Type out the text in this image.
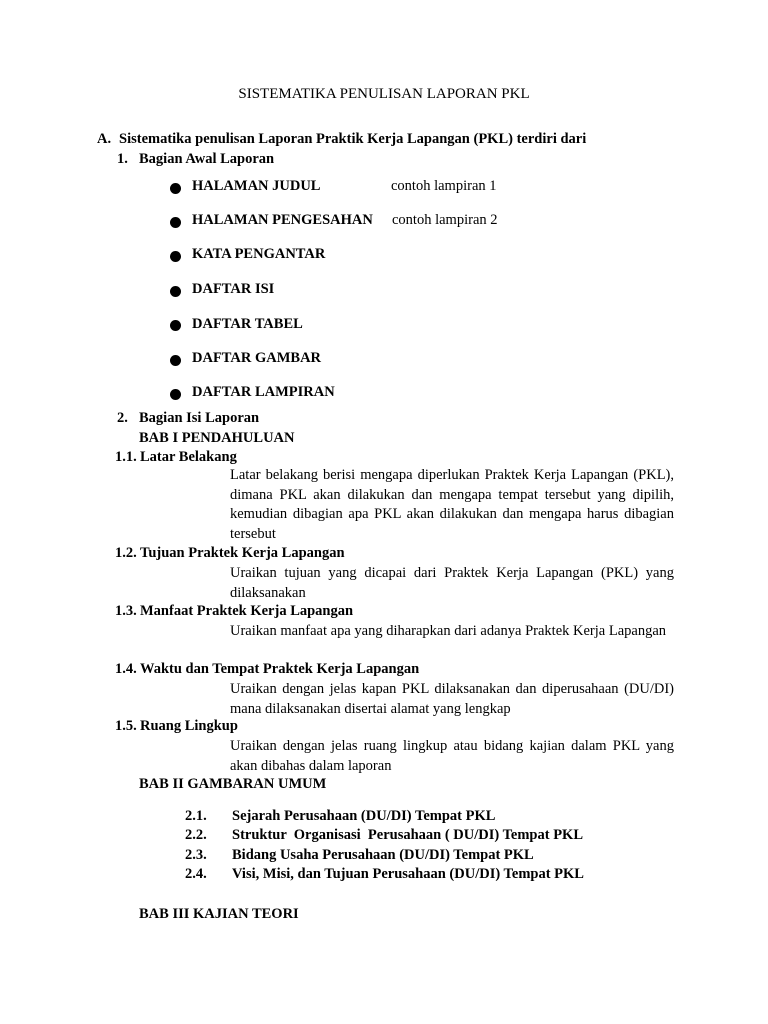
SISTEMATIKA PENULISAN LAPORAN PKL
A. Sistematika penulisan Laporan Praktik Kerja Lapangan (PKL) terdiri dari
1. Bagian Awal Laporan
HALAMAN JUDUL	contoh lampiran 1
HALAMAN PENGESAHAN contoh lampiran 2
KATA PENGANTAR
DAFTAR ISI
DAFTAR TABEL
DAFTAR GAMBAR
DAFTAR LAMPIRAN
2. Bagian Isi Laporan
BAB I PENDAHULUAN
1.1. Latar Belakang
Latar belakang berisi mengapa diperlukan Praktek Kerja Lapangan (PKL), dimana PKL akan dilakukan dan mengapa tempat tersebut yang dipilih, kemudian dibagian apa PKL akan dilakukan dan mengapa harus dibagian tersebut
1.2. Tujuan Praktek Kerja Lapangan
Uraikan tujuan yang dicapai dari Praktek Kerja Lapangan (PKL) yang dilaksanakan
1.3. Manfaat Praktek Kerja Lapangan
Uraikan manfaat apa yang diharapkan dari adanya Praktek Kerja Lapangan
1.4. Waktu dan Tempat Praktek Kerja Lapangan
Uraikan dengan jelas kapan PKL dilaksanakan dan diperusahaan (DU/DI) mana dilaksanakan disertai alamat yang lengkap
1.5. Ruang Lingkup
Uraikan dengan jelas ruang lingkup atau bidang kajian dalam PKL yang akan dibahas dalam laporan
BAB II GAMBARAN UMUM
2.1. Sejarah Perusahaan (DU/DI) Tempat PKL
2.2. Struktur  Organisasi  Perusahaan ( DU/DI) Tempat PKL
2.3. Bidang Usaha Perusahaan (DU/DI) Tempat PKL
2.4. Visi, Misi, dan Tujuan Perusahaan (DU/DI) Tempat PKL
BAB III KAJIAN TEORI
